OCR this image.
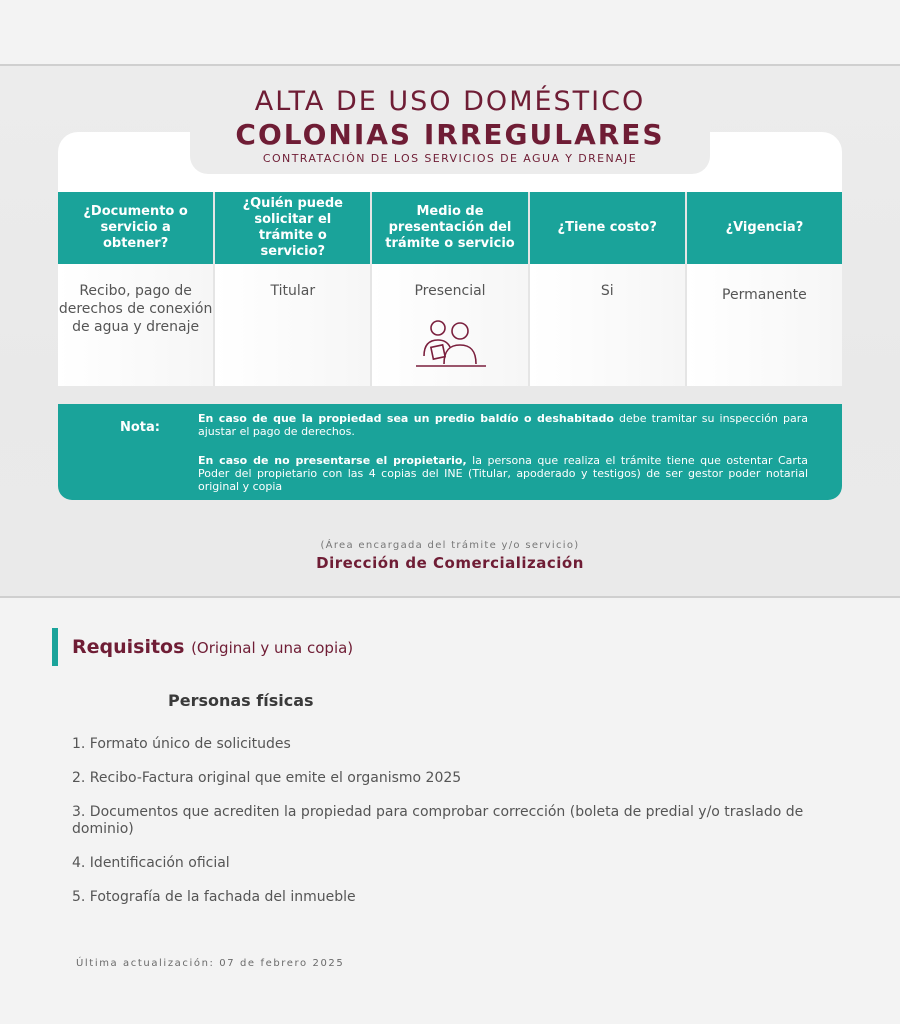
ALTA DE USO DOMÉSTICO
COLONIAS IRREGULARES
CONTRATACIÓN DE LOS SERVICIOS DE AGUA Y DRENAJE
¿Documento o servicio a obtener?
Recibo, pago de derechos de conexión de agua y drenaje
¿Quién puede solicitar el trámite o servicio?
Titular
Medio de presentación del trámite o servicio
Presencial
¿Tiene costo?
Si
¿Vigencia?
Permanente
Nota:
En caso de que la propiedad sea un predio baldío o deshabitado debe tramitar su inspección para ajustar el pago de derechos.
En caso de no presentarse el propietario, la persona que realiza el trámite tiene que ostentar Carta Poder del propietario con las 4 copias del INE (Titular, apoderado y testigos) de ser gestor poder notarial original y copia
(Área encargada del trámite y/o servicio)
Dirección de Comercialización
Requisitos (Original y una copia)
Personas físicas
1. Formato único de solicitudes
2. Recibo-Factura original que emite el organismo 2025
3. Documentos que acrediten la propiedad para comprobar corrección (boleta de predial y/o traslado de dominio)
4. Identificación oficial
5. Fotografía de la fachada del inmueble
Última actualización: 07 de febrero 2025
